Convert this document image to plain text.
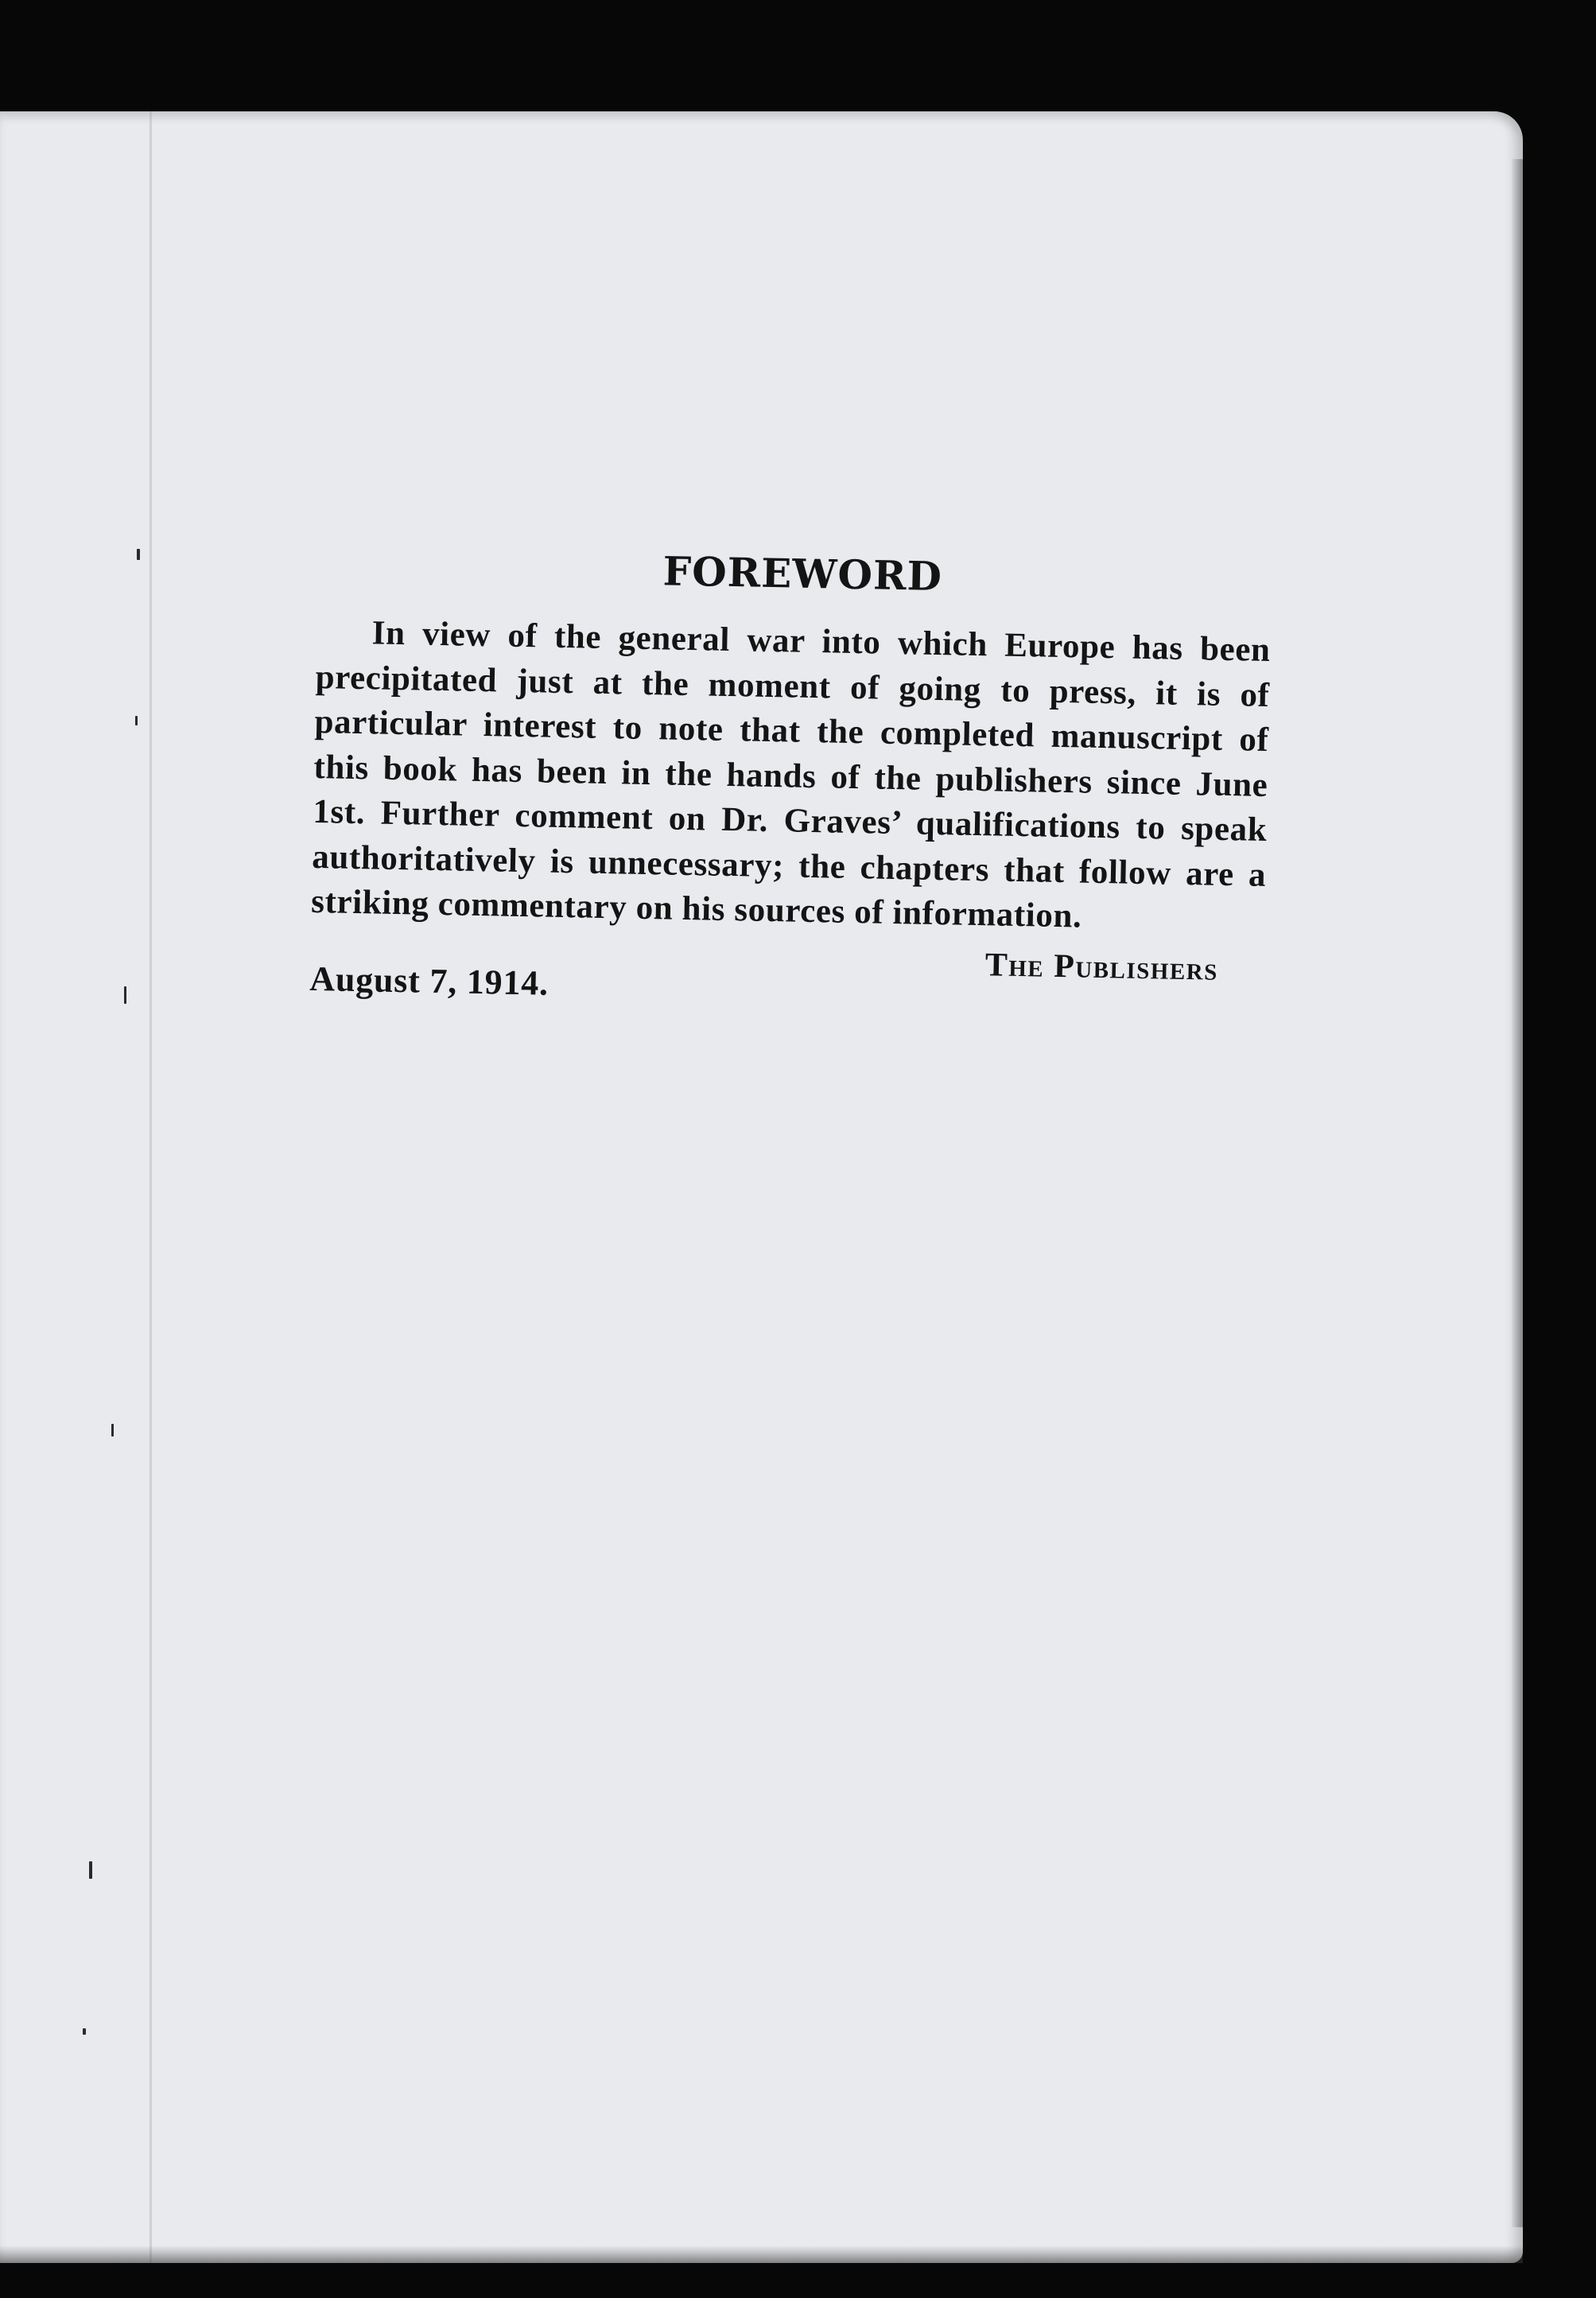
FOREWORD

In view of the general war into which Europe has been precipitated just at the moment of going to press, it is of particular interest to note that the completed manuscript of this book has been in the hands of the publishers since June 1st. Further comment on Dr. Graves’ qualifications to speak authoritatively is unnecessary; the chapters that follow are a striking commentary on his sources of information.

The Publishers
August 7, 1914.
